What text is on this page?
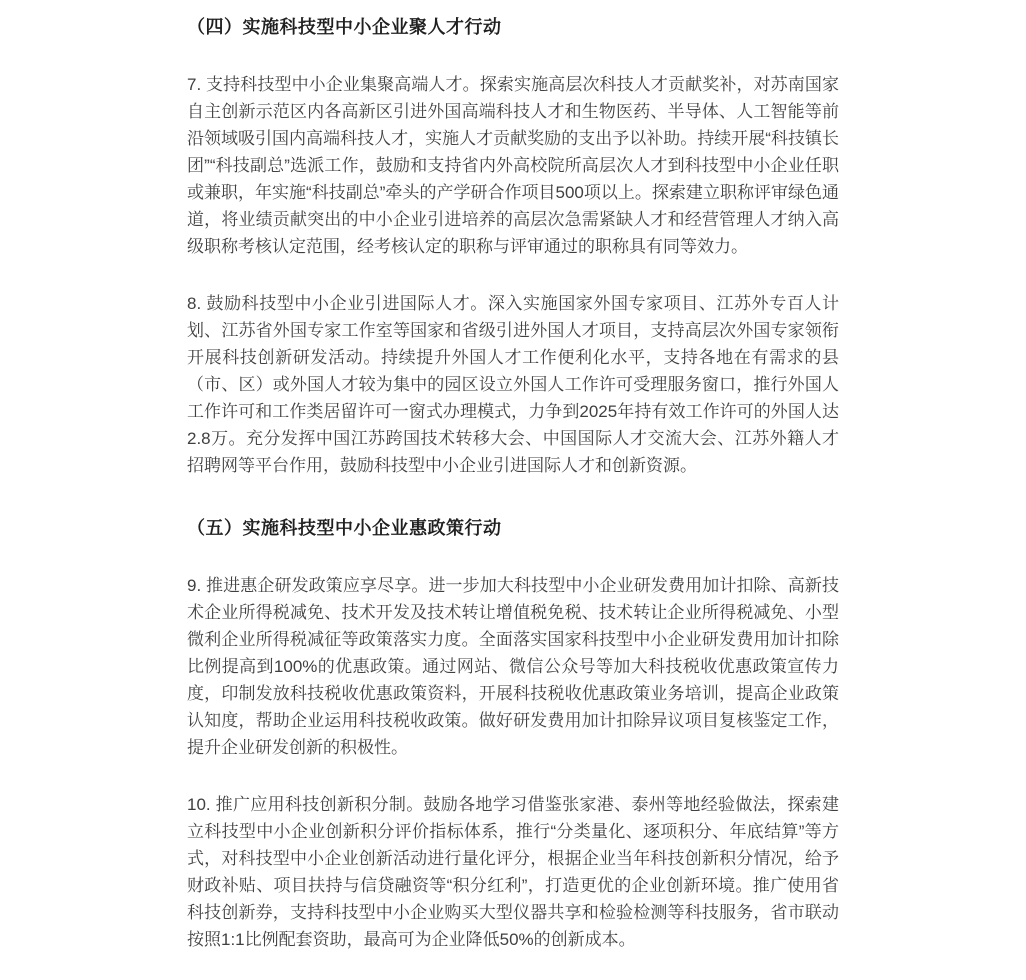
（四）实施科技型中小企业聚人才行动

7. 支持科技型中小企业集聚高端人才。探索实施高层次科技人才贡献奖补，对苏南国家自主创新示范区内各高新区引进外国高端科技人才和生物医药、半导体、人工智能等前沿领域吸引国内高端科技人才，实施人才贡献奖励的支出予以补助。持续开展“科技镇长团”“科技副总”选派工作，鼓励和支持省内外高校院所高层次人才到科技型中小企业任职或兼职，年实施“科技副总”牵头的产学研合作项目500项以上。探索建立职称评审绿色通道，将业绩贡献突出的中小企业引进培养的高层次急需紧缺人才和经营管理人才纳入高级职称考核认定范围，经考核认定的职称与评审通过的职称具有同等效力。

8. 鼓励科技型中小企业引进国际人才。深入实施国家外国专家项目、江苏外专百人计划、江苏省外国专家工作室等国家和省级引进外国人才项目，支持高层次外国专家领衔开展科技创新研发活动。持续提升外国人才工作便利化水平，支持各地在有需求的县（市、区）或外国人才较为集中的园区设立外国人工作许可受理服务窗口，推行外国人工作许可和工作类居留许可一窗式办理模式，力争到2025年持有效工作许可的外国人达2.8万。充分发挥中国江苏跨国技术转移大会、中国国际人才交流大会、江苏外籍人才招聘网等平台作用，鼓励科技型中小企业引进国际人才和创新资源。

（五）实施科技型中小企业惠政策行动

9. 推进惠企研发政策应享尽享。进一步加大科技型中小企业研发费用加计扣除、高新技术企业所得税减免、技术开发及技术转让增值税免税、技术转让企业所得税减免、小型微利企业所得税减征等政策落实力度。全面落实国家科技型中小企业研发费用加计扣除比例提高到100%的优惠政策。通过网站、微信公众号等加大科技税收优惠政策宣传力度，印制发放科技税收优惠政策资料，开展科技税收优惠政策业务培训，提高企业政策认知度，帮助企业运用科技税收政策。做好研发费用加计扣除异议项目复核鉴定工作，提升企业研发创新的积极性。

10. 推广应用科技创新积分制。鼓励各地学习借鉴张家港、泰州等地经验做法，探索建立科技型中小企业创新积分评价指标体系，推行“分类量化、逐项积分、年底结算”等方式，对科技型中小企业创新活动进行量化评分，根据企业当年科技创新积分情况，给予财政补贴、项目扶持与信贷融资等“积分红利”，打造更优的企业创新环境。推广使用省科技创新券，支持科技型中小企业购买大型仪器共享和检验检测等科技服务，省市联动按照1:1比例配套资助，最高可为企业降低50%的创新成本。
